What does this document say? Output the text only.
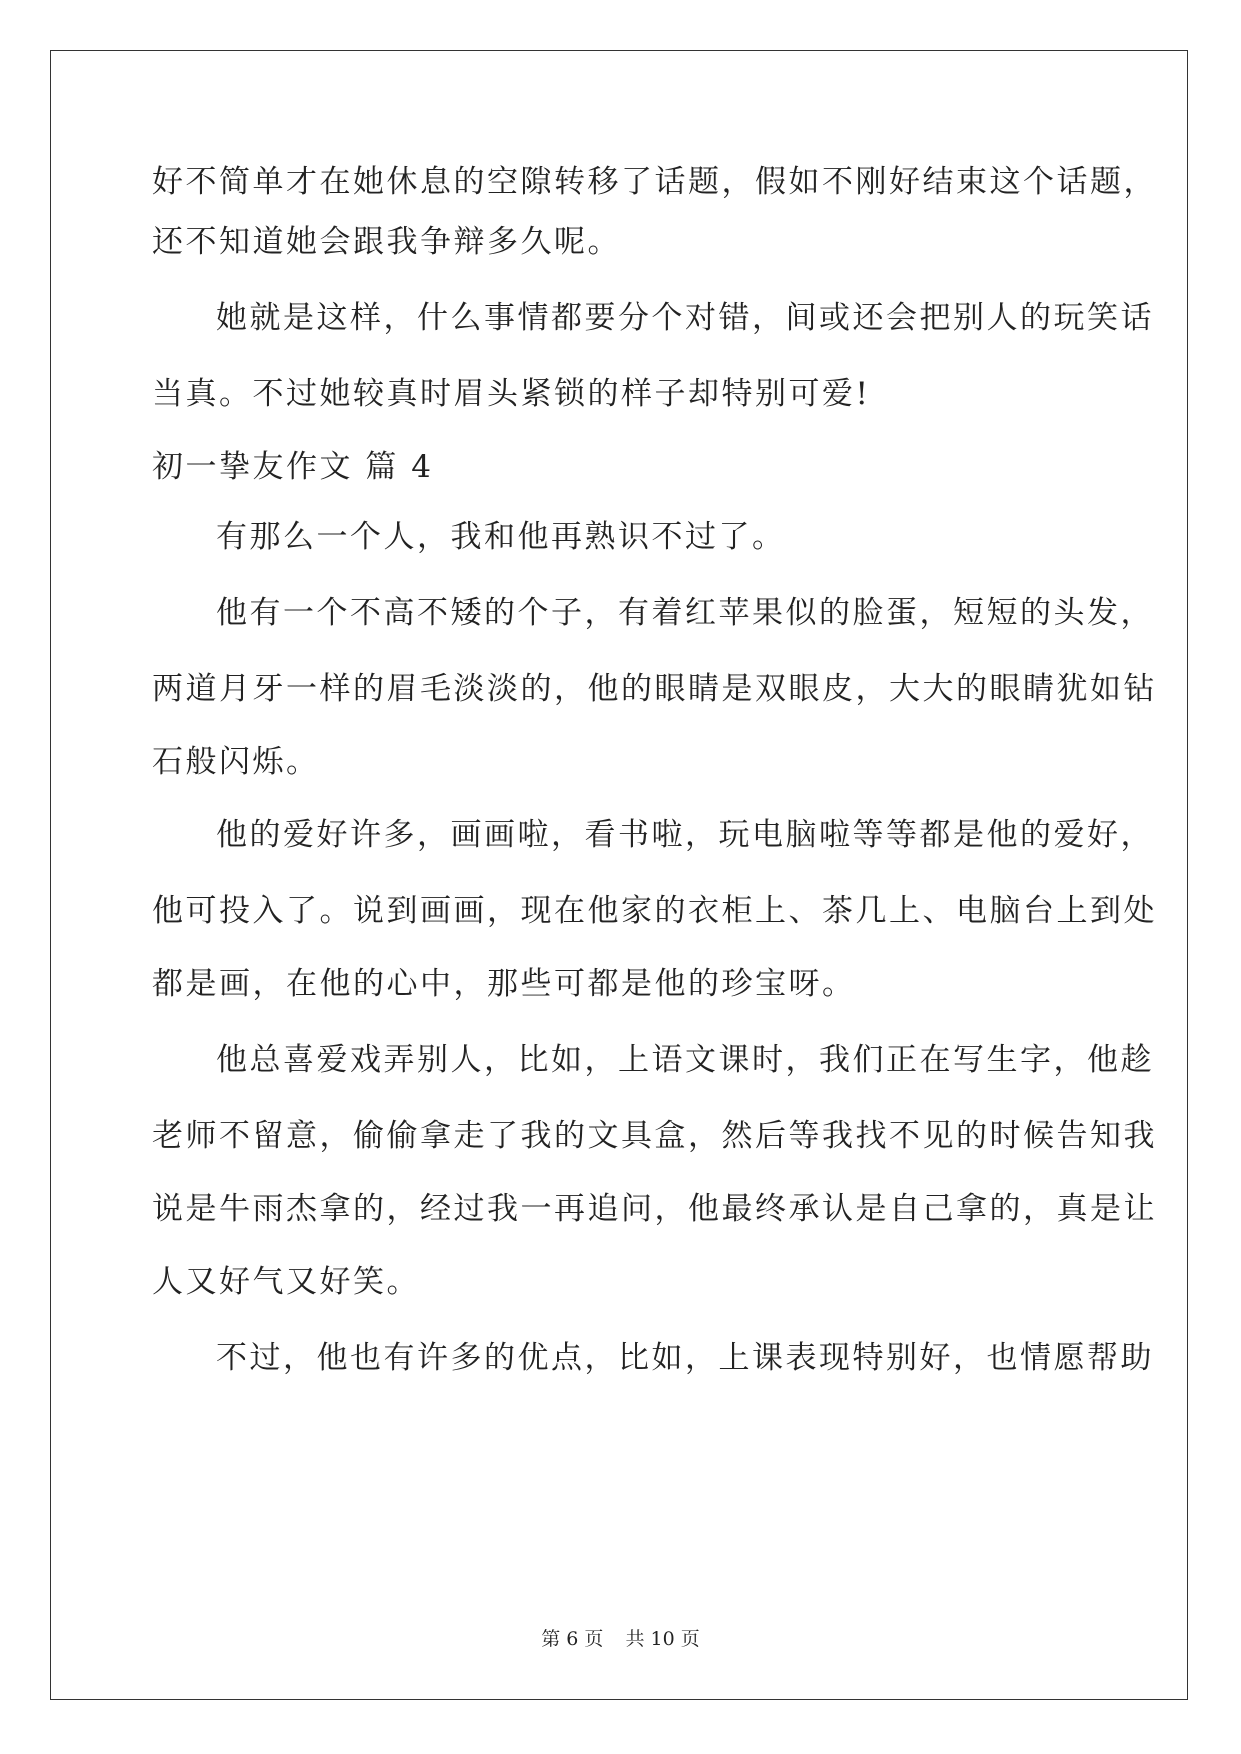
好不简单才在她休息的空隙转移了话题，假如不刚好结束这个话题，
还不知道她会跟我争辩多久呢。
她就是这样，什么事情都要分个对错，间或还会把别人的玩笑话
当真。不过她较真时眉头紧锁的样子却特别可爱!
初一挚友作文 篇 4
有那么一个人，我和他再熟识不过了。
他有一个不高不矮的个子，有着红苹果似的脸蛋，短短的头发，
两道月牙一样的眉毛淡淡的，他的眼睛是双眼皮，大大的眼睛犹如钻
石般闪烁。
他的爱好许多，画画啦，看书啦，玩电脑啦等等都是他的爱好，
他可投入了。说到画画，现在他家的衣柜上、茶几上、电脑台上到处
都是画，在他的心中，那些可都是他的珍宝呀。
他总喜爱戏弄别人，比如，上语文课时，我们正在写生字，他趁
老师不留意，偷偷拿走了我的文具盒，然后等我找不见的时候告知我
说是牛雨杰拿的，经过我一再追问，他最终承认是自己拿的，真是让
人又好气又好笑。
不过，他也有许多的优点，比如，上课表现特别好，也情愿帮助
第 6 页 共 10 页
